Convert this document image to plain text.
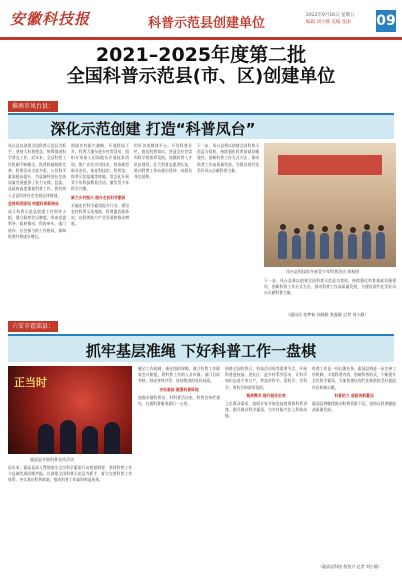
安徽科技报	科普示范县创建单位
2022年9月16日 星期五
编辑 刘小静 美编 张丽	09
2021–2025年度第二批
全国科普示范县(市、区)创建单位
淮南市凤台县：
深化示范创建 打造“科普凤台”

凤台县以创建全国科普示范县为抓手，坚持大科普理念，统筹推进科学普及工作。近年来，全县科普工作机制不断健全，科普阵地持续完善，科普活动丰富多彩，公民科学素质稳步提升，为县域经济社会高质量发展提供了有力支撑。县委、县政府高度重视科普工作，将其纳入全县经济社会发展总体规划。

坚持系统谋划 构建科普新格局

成立科普示范县创建工作领导小组，建立联席会议制度，形成党委领导、政府推动、科协牵头、部门协作、社会参与的工作格局，保障科普经费逐年增长。

围绕乡村振兴战略，开展科技下乡、科普大篷车进乡村等活动，组织专家深入田间地头开展技术培训，推广农业实用技术，培育新型职业农民。依托科技馆、科普馆、科普示范基地等阵地，常态化开展青少年科技教育活动，激发青少年科学兴趣。

聚力乡村振兴 提升农民科学素质

实施农民科学素质提升行动，建设农村科普示范基地、科普惠农服务站，以科普助力产业发展和群众增收。

用好各类媒体平台，开设科普专栏，推送科普知识，营造全社会崇尚科学的浓厚氛围。加强科普人才队伍建设，壮大科普志愿者队伍，推动科普工作向基层延伸、向群众身边延伸。

下一步，凤台县将以创建全国科普示范县为契机，持续强化科普基础设施建设，创新科普工作方式方法，推动科普工作高质量发展，为建设现代化美好凤台贡献科普力量。

凤台县科技馆开展青少年科普活动 资料图

下一步，凤台县将以创建全国科普示范县为契机，持续强化科普基础设施建设，创新科普工作方式方法，推动科普工作高质量发展，为建设现代化美好凤台贡献科普力量。

（通讯员 张梦茹 孙晓娟 张磊敏 记者 刘小静）
六安市霍邱县：
抓牢基层准绳 下好科普工作一盘棋
正当时
霍邱县开展科普宣传活动

近年来，霍邱县深入贯彻落实全民科学素质行动规划纲要，坚持科普工作与县域发展同频共振，以创建全国科普示范县为抓手，着力完善科普工作体系，夯实基层科普阵地，推动科普工作取得明显成效。

健全工作机制，强化组织保障。建立科普工作联席会议制度，将科普工作纳入各乡镇、部门目标考核，形成齐抓共管、协同推进的良好局面。

夯实基础 做强科普阵地

加强乡镇科普站、村科普活动室、科普宣传栏建设，打通科普服务最后一公里。

围绕全国科普日、科技活动周等重要节点，开展科普进校园、进社区、进乡村系列活动，让科学知识走进千家万户，营造讲科学、爱科学、学科学、用科学的浓厚氛围。

聚焦需求 提升服务实效

立足群众需求，组织专家开展农技培训和科普讲座，提升群众科学素质，为乡村振兴注入科技动能。

科普工作是一项长期任务。霍邱县将进一步完善工作机制，丰富科普内容，创新科普形式，不断提升全民科学素质，为加快建设现代化新阶段美好霍邱作出积极贡献。

科普助力 造就创新霍邱

霍邱县将继续推动科普资源下沉，坚持以科普赋能高质量发展。

（霍邱县科协 詹恒兴 记者 刘小静）
